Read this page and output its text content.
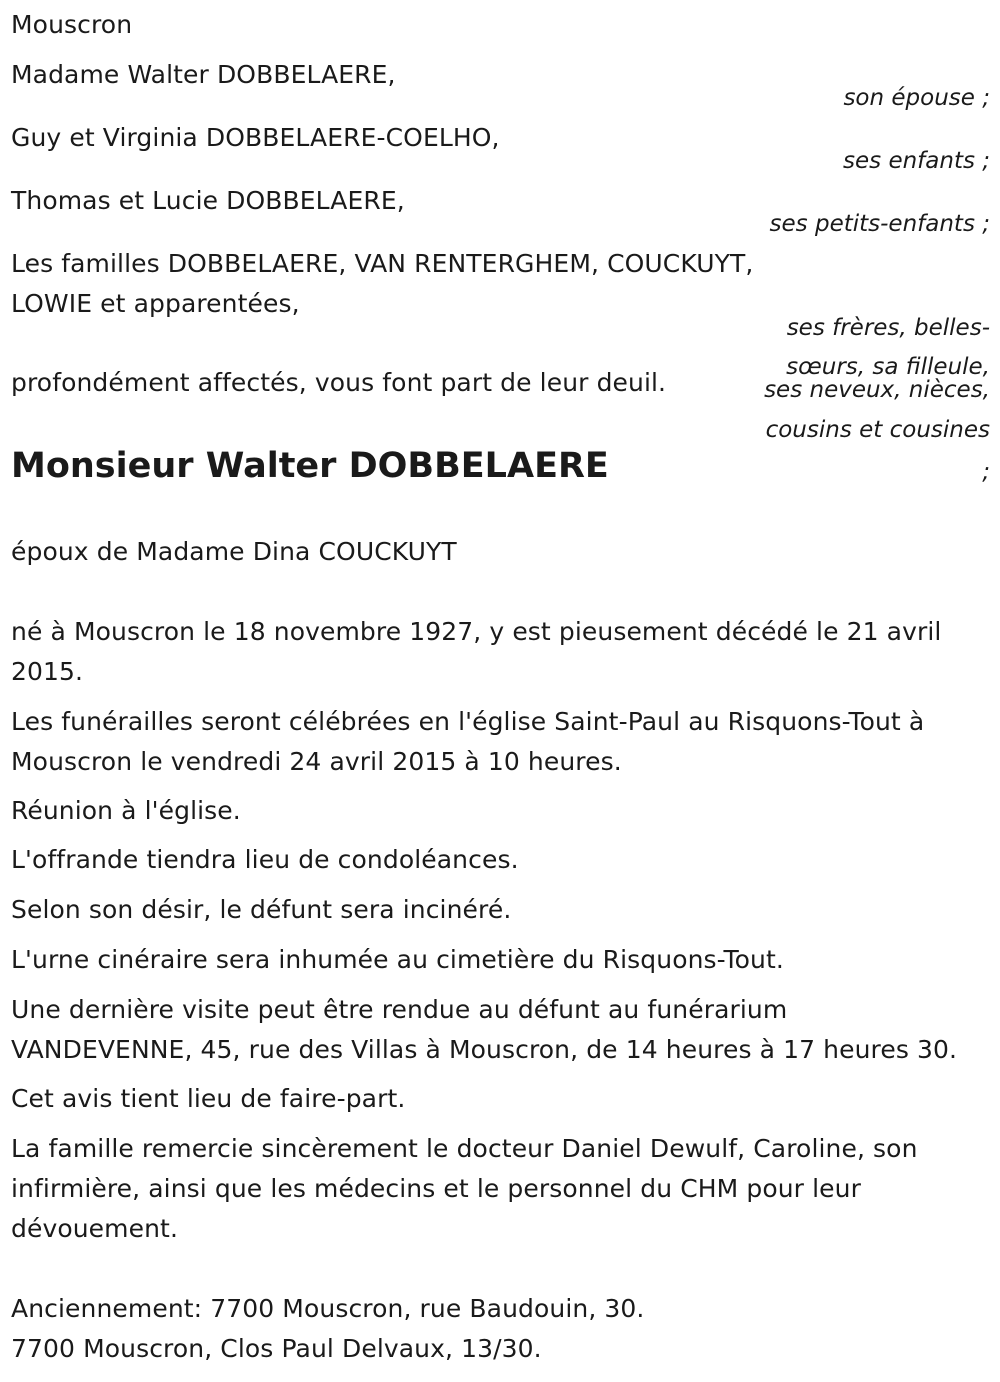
Mouscron
Madame Walter DOBBELAERE,
son épouse ;
Guy et Virginia DOBBELAERE-COELHO,
ses enfants ;
Thomas et Lucie DOBBELAERE,
ses petits-enfants ;
Les familles DOBBELAERE, VAN RENTERGHEM, COUCKUYT,
LOWIE et apparentées,
ses frères, belles-
sœurs, sa filleule,
ses neveux, nièces,
cousins et cousines
;
profondément affectés, vous font part de leur deuil.
Monsieur Walter DOBBELAERE
époux de Madame Dina COUCKUYT
né à Mouscron le 18 novembre 1927, y est pieusement décédé le 21 avril
2015.
Les funérailles seront célébrées en l'église Saint-Paul au Risquons-Tout à
Mouscron le vendredi 24 avril 2015 à 10 heures.
Réunion à l'église.
L'offrande tiendra lieu de condoléances.
Selon son désir, le défunt sera incinéré.
L'urne cinéraire sera inhumée au cimetière du Risquons-Tout.
Une dernière visite peut être rendue au défunt au funérarium
VANDEVENNE, 45, rue des Villas à Mouscron, de 14 heures à 17 heures 30.
Cet avis tient lieu de faire-part.
La famille remercie sincèrement le docteur Daniel Dewulf, Caroline, son
infirmière, ainsi que les médecins et le personnel du CHM pour leur
dévouement.
Anciennement: 7700 Mouscron, rue Baudouin, 30.
7700 Mouscron, Clos Paul Delvaux, 13/30.
